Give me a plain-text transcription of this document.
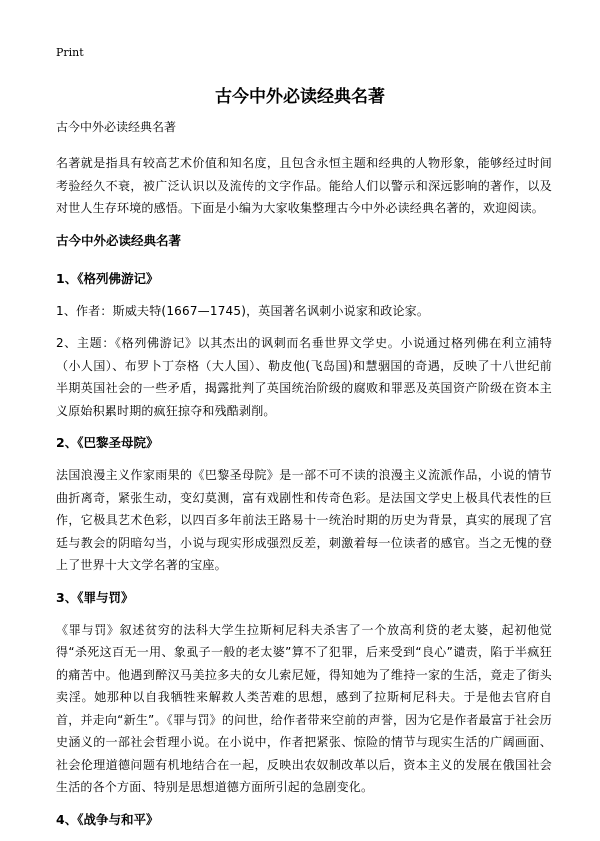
Print
古今中外必读经典名著
古今中外必读经典名著

名著就是指具有较高艺术价值和知名度，且包含永恒主题和经典的人物形象，能够经过时间考验经久不衰，被广泛认识以及流传的文字作品。能给人们以警示和深远影响的著作，以及对世人生存环境的感悟。下面是小编为大家收集整理古今中外必读经典名著的，欢迎阅读。

古今中外必读经典名著
1、《格列佛游记》

1、作者：斯威夫特(1667—1745)，英国著名讽刺小说家和政论家。

2、主题：《格列佛游记》以其杰出的讽刺而名垂世界文学史。小说通过格列佛在利立浦特（小人国）、布罗卜丁奈格（大人国）、勒皮他(飞岛国)和慧骃国的奇遇，反映了十八世纪前半期英国社会的一些矛盾，揭露批判了英国统治阶级的腐败和罪恶及英国资产阶级在资本主义原始积累时期的疯狂掠夺和残酷剥削。

2、《巴黎圣母院》

法国浪漫主义作家雨果的《巴黎圣母院》是一部不可不读的浪漫主义流派作品，小说的情节曲折离奇，紧张生动，变幻莫测，富有戏剧性和传奇色彩。是法国文学史上极具代表性的巨作，它极具艺术色彩，以四百多年前法王路易十一统治时期的历史为背景，真实的展现了宫廷与教会的阴暗勾当，小说与现实形成强烈反差，刺激着每一位读者的感官。当之无愧的登上了世界十大文学名著的宝座。

3、《罪与罚》

《罪与罚》叙述贫穷的法科大学生拉斯柯尼科夫杀害了一个放高利贷的老太婆，起初他觉得“杀死这百无一用、象虱子一般的老太婆”算不了犯罪，后来受到“良心”谴责，陷于半疯狂的痛苦中。他遇到醉汉马美拉多夫的女儿索尼娅，得知她为了维持一家的生活，竟走了街头卖淫。她那种以自我牺牲来解救人类苦难的思想，感到了拉斯柯尼科夫。于是他去官府自首，并走向“新生”。《罪与罚》的问世，给作者带来空前的声誉，因为它是作者最富于社会历史涵义的一部社会哲理小说。在小说中，作者把紧张、惊险的情节与现实生活的广阔画面、社会伦理道德问题有机地结合在一起，反映出农奴制改革以后，资本主义的发展在俄国社会生活的各个方面、特别是思想道德方面所引起的急剧变化。

4、《战争与和平》
